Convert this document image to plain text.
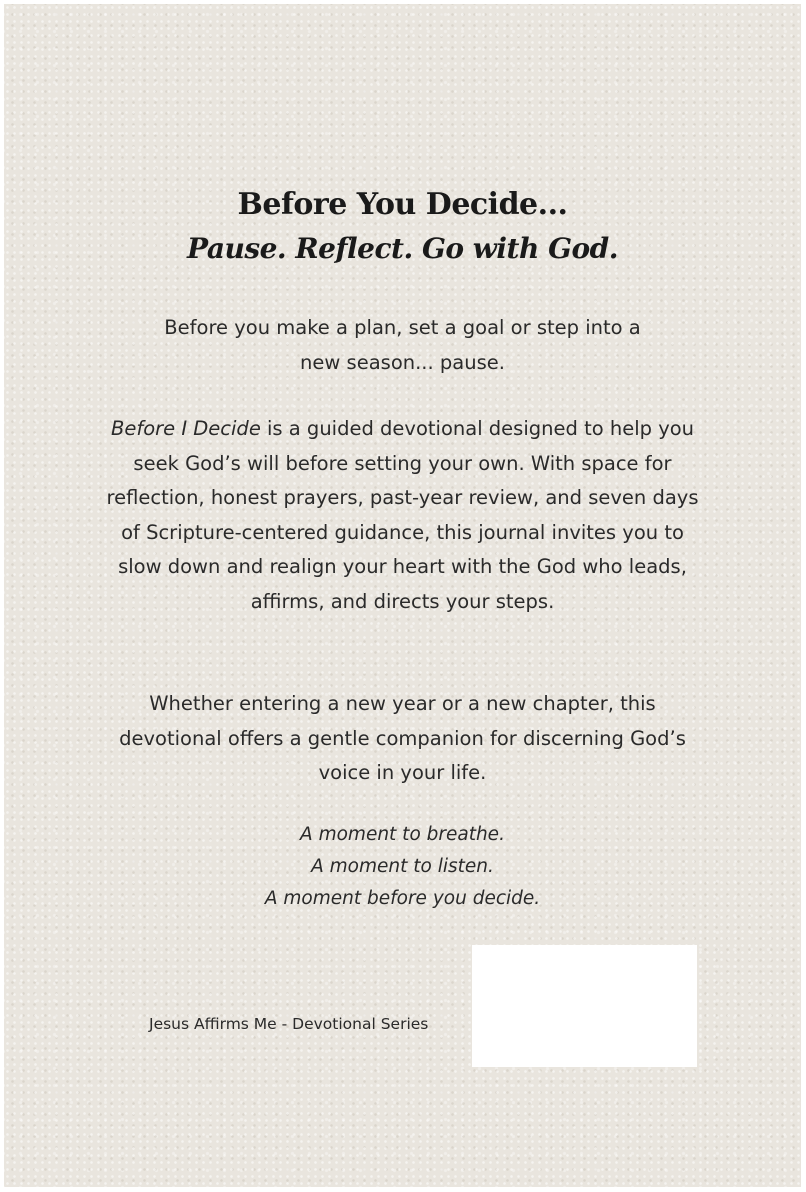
Before You Decide...
Pause. Reflect. Go with God.
Before you make a plan, set a goal or step into a
new season... pause.
Before I Decide is a guided devotional designed to help you seek God’s will before setting your own. With space for reflection, honest prayers, past-year review, and seven days of Scripture-centered guidance, this journal invites you to slow down and realign your heart with the God who leads, affirms, and directs your steps.
Whether entering a new year or a new chapter, this devotional offers a gentle companion for discerning God’s voice in your life.
A moment to breathe.
A moment to listen.
A moment before you decide.
Jesus Affirms Me - Devotional Series
